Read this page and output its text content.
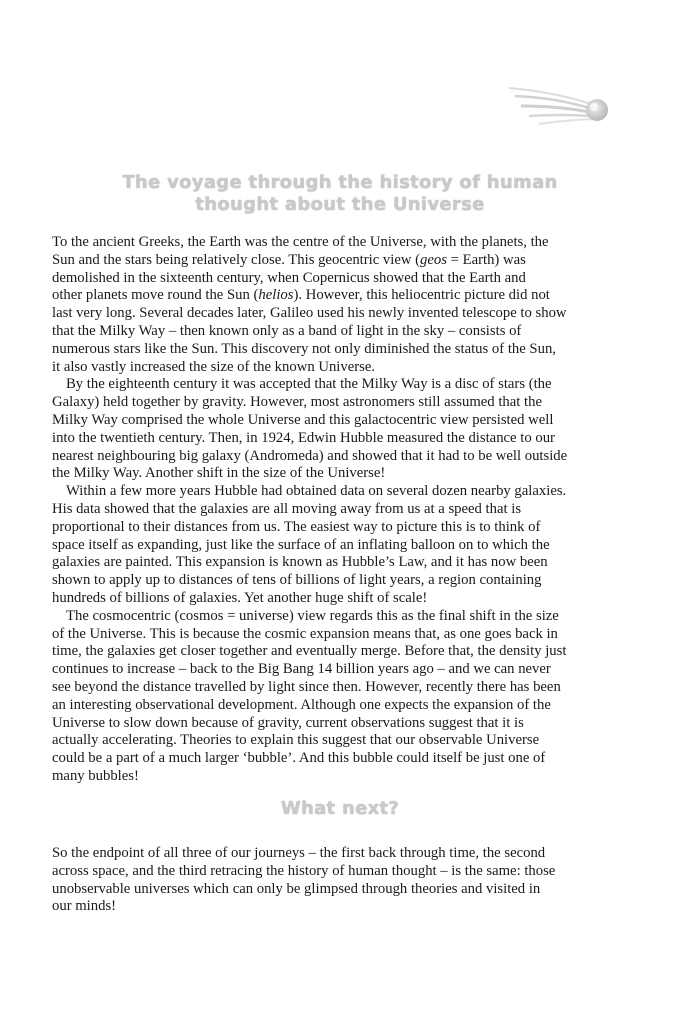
The voyage through the history of human
thought about the Universe

To the ancient Greeks, the Earth was the centre of the Universe, with the planets, the
Sun and the stars being relatively close. This geocentric view (geos = Earth) was
demolished in the sixteenth century, when Copernicus showed that the Earth and
other planets move round the Sun (helios). However, this heliocentric picture did not
last very long. Several decades later, Galileo used his newly invented telescope to show
that the Milky Way – then known only as a band of light in the sky – consists of
numerous stars like the Sun. This discovery not only diminished the status of the Sun,
it also vastly increased the size of the known Universe.

By the eighteenth century it was accepted that the Milky Way is a disc of stars (the
Galaxy) held together by gravity. However, most astronomers still assumed that the
Milky Way comprised the whole Universe and this galactocentric view persisted well
into the twentieth century. Then, in 1924, Edwin Hubble measured the distance to our
nearest neighbouring big galaxy (Andromeda) and showed that it had to be well outside
the Milky Way. Another shift in the size of the Universe!

Within a few more years Hubble had obtained data on several dozen nearby galaxies.
His data showed that the galaxies are all moving away from us at a speed that is
proportional to their distances from us. The easiest way to picture this is to think of
space itself as expanding, just like the surface of an inflating balloon on to which the
galaxies are painted. This expansion is known as Hubble’s Law, and it has now been
shown to apply up to distances of tens of billions of light years, a region containing
hundreds of billions of galaxies. Yet another huge shift of scale!

The cosmocentric (cosmos = universe) view regards this as the final shift in the size
of the Universe. This is because the cosmic expansion means that, as one goes back in
time, the galaxies get closer together and eventually merge. Before that, the density just
continues to increase – back to the Big Bang 14 billion years ago – and we can never
see beyond the distance travelled by light since then. However, recently there has been
an interesting observational development. Although one expects the expansion of the
Universe to slow down because of gravity, current observations suggest that it is
actually accelerating. Theories to explain this suggest that our observable Universe
could be a part of a much larger ‘bubble’. And this bubble could itself be just one of
many bubbles!

What next?

So the endpoint of all three of our journeys – the first back through time, the second
across space, and the third retracing the history of human thought – is the same: those
unobservable universes which can only be glimpsed through theories and visited in
our minds!
